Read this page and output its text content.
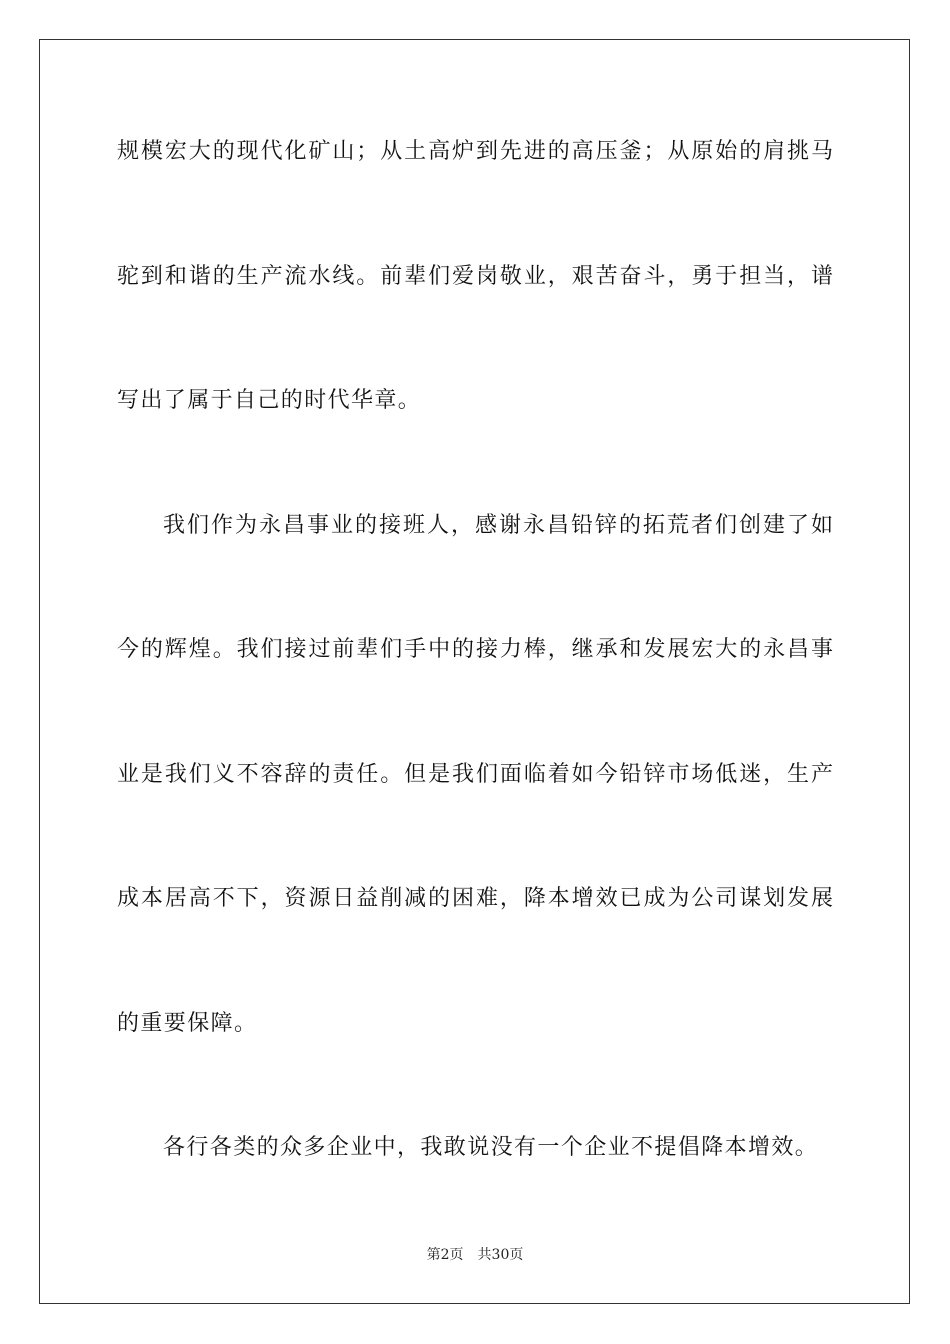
规模宏大的现代化矿山；从土高炉到先进的高压釜；从原始的肩挑马
驼到和谐的生产流水线。前辈们爱岗敬业，艰苦奋斗，勇于担当，谱
写出了属于自己的时代华章。
我们作为永昌事业的接班人，感谢永昌铅锌的拓荒者们创建了如
今的辉煌。我们接过前辈们手中的接力棒，继承和发展宏大的永昌事
业是我们义不容辞的责任。但是我们面临着如今铅锌市场低迷，生产
成本居高不下，资源日益削减的困难，降本增效已成为公司谋划发展
的重要保障。
各行各类的众多企业中，我敢说没有一个企业不提倡降本增效。
第2页 共30页
